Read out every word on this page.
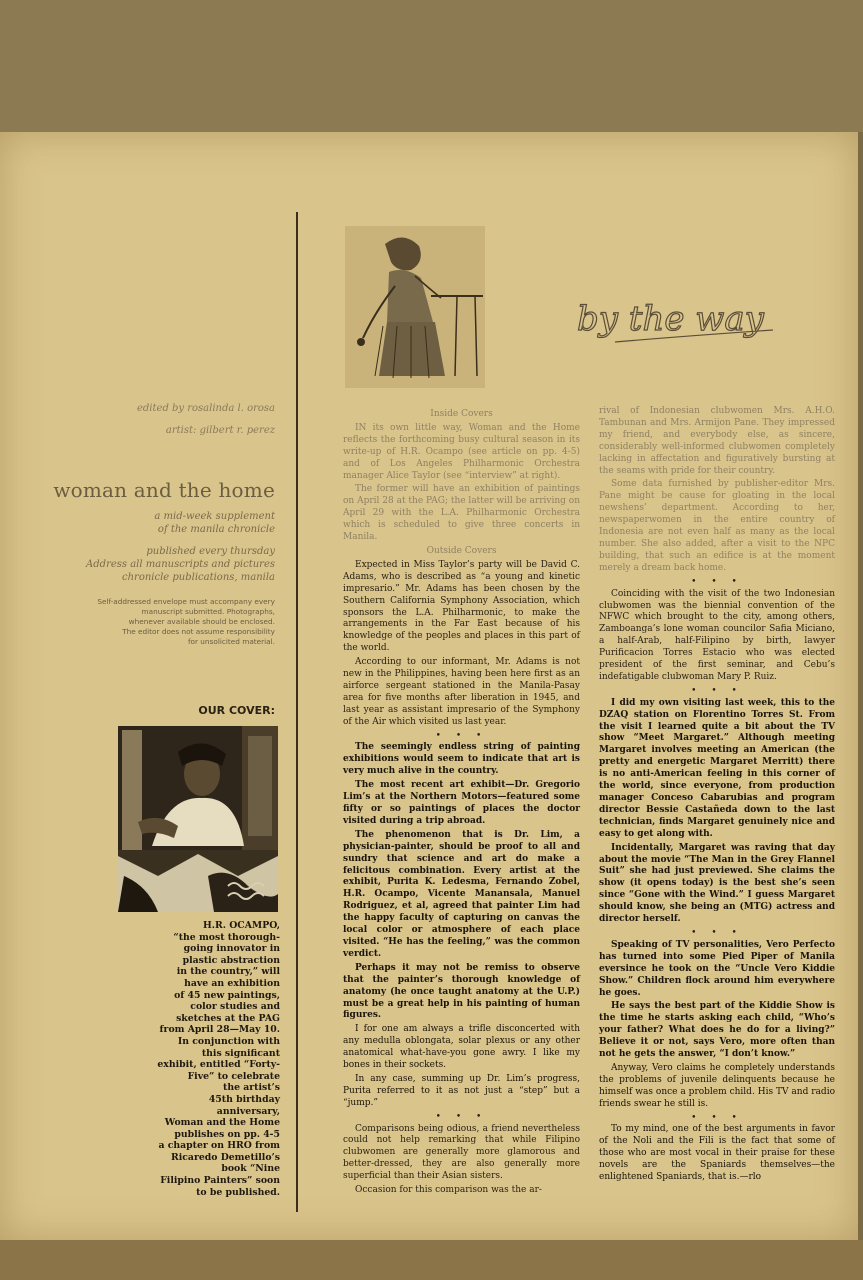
edited by rosalinda l. orosa
artist: gilbert r. perez
woman and the home
a mid-week supplement
of the manila chronicle
published every thursday
Address all manuscripts and pictures
chronicle publications, manila
Self-addressed envelope must accompany every
manuscript submitted. Photographs,
whenever available should be enclosed.
The editor does not assume responsibility
for unsolicited material.
OUR COVER:
H.R. OCAMPO,
“the most thorough-
going innovator in
plastic abstraction
in the country,” will
have an exhibition
of 45 new paintings,
color studies and
sketches at the PAG
from April 28—May 10.
In conjunction with
this significant
exhibit, entitled “Forty-
Five” to celebrate
the artist’s
45th birthday
anniversary,
Woman and the Home
publishes on pp. 4-5
a chapter on HRO from
Ricaredo Demetillo’s
book “Nine
Filipino Painters” soon
to be published.
by the way
Inside Covers

IN its own little way, Woman and the Home reflects the forthcoming busy cultural season in its write-up of H.R. Ocampo (see article on pp. 4-5) and of Los Angeles Philharmonic Orchestra manager Alice Taylor (see “interview” at right).

The former will have an exhibition of paintings on April 28 at the PAG; the latter will be arriving on April 29 with the L.A. Philharmonic Orchestra which is scheduled to give three concerts in Manila.

Outside Covers

Expected in Miss Taylor’s party will be David C. Adams, who is described as “a young and kinetic impresario.” Mr. Adams has been chosen by the Southern California Symphony Association, which sponsors the L.A. Philharmonic, to make the arrangements in the Far East because of his knowledge of the peoples and places in this part of the world.

According to our informant, Mr. Adams is not new in the Philippines, having been here first as an airforce sergeant stationed in the Manila-Pasay area for five months after liberation in 1945, and last year as assistant impresario of the Symphony of the Air which visited us last year.

• • •

The seemingly endless string of painting exhibitions would seem to indicate that art is very much alive in the country.

The most recent art exhibit—Dr. Gregorio Lim’s at the Northern Motors—featured some fifty or so paintings of places the doctor visited during a trip abroad.

The phenomenon that is Dr. Lim, a physician-painter, should be proof to all and sundry that science and art do make a felicitous combination. Every artist at the exhibit, Purita K. Ledesma, Fernando Zobel, H.R. Ocampo, Vicente Manansala, Manuel Rodriguez, et al, agreed that painter Lim had the happy faculty of capturing on canvas the local color or atmosphere of each place visited. “He has the feeling,” was the common verdict.

Perhaps it may not be remiss to observe that the painter’s thorough knowledge of anatomy (he once taught anatomy at the U.P.) must be a great help in his painting of human figures.

I for one am always a trifle disconcerted with any medulla oblongata, solar plexus or any other anatomical what-have-you gone awry. I like my bones in their sockets.

In any case, summing up Dr. Lim’s progress, Purita referred to it as not just a “step” but a “jump.”

• • •

Comparisons being odious, a friend nevertheless could not help remarking that while Filipino clubwomen are generally more glamorous and better-dressed, they are also generally more superficial than their Asian sisters.

Occasion for this comparison was the ar-

rival of Indonesian clubwomen Mrs. A.H.O. Tambunan and Mrs. Armijon Pane. They impressed my friend, and everybody else, as sincere, considerably well-informed clubwomen completely lacking in affectation and figuratively bursting at the seams with pride for their country.

Some data furnished by publisher-editor Mrs. Pane might be cause for gloating in the local newshens’ department. According to her, newspaperwomen in the entire country of Indonesia are not even half as many as the local number. She also added, after a visit to the NPC building, that such an edifice is at the moment merely a dream back home.

• • •

Coinciding with the visit of the two Indonesian clubwomen was the biennial convention of the NFWC which brought to the city, among others, Zamboanga’s lone woman councilor Safia Miciano, a half-Arab, half-Filipino by birth, lawyer Purificacion Torres Estacio who was elected president of the first seminar, and Cebu’s indefatigable clubwoman Mary P. Ruiz.

• • •

I did my own visiting last week, this to the DZAQ station on Florentino Torres St. From the visit I learned quite a bit about the TV show “Meet Margaret.” Although meeting Margaret involves meeting an American (the pretty and energetic Margaret Merritt) there is no anti-American feeling in this corner of the world, since everyone, from production manager Conceso Cabarubias and program director Bessie Castañeda down to the last technician, finds Margaret genuinely nice and easy to get along with.

Incidentally, Margaret was raving that day about the movie “The Man in the Grey Flannel Suit” she had just previewed. She claims the show (it opens today) is the best she’s seen since “Gone with the Wind.” I guess Margaret should know, she being an (MTG) actress and director herself.

• • •

Speaking of TV personalities, Vero Perfecto has turned into some Pied Piper of Manila eversince he took on the “Uncle Vero Kiddie Show.” Children flock around him everywhere he goes.

He says the best part of the Kiddie Show is the time he starts asking each child, “Who’s your father? What does he do for a living?” Believe it or not, says Vero, more often than not he gets the answer, “I don’t know.”

Anyway, Vero claims he completely understands the problems of juvenile delinquents because he himself was once a problem child. His TV and radio friends swear he still is.

• • •

To my mind, one of the best arguments in favor of the Noli and the Fili is the fact that some of those who are most vocal in their praise for these novels are the Spaniards themselves—the enlightened Spaniards, that is.—rlo
